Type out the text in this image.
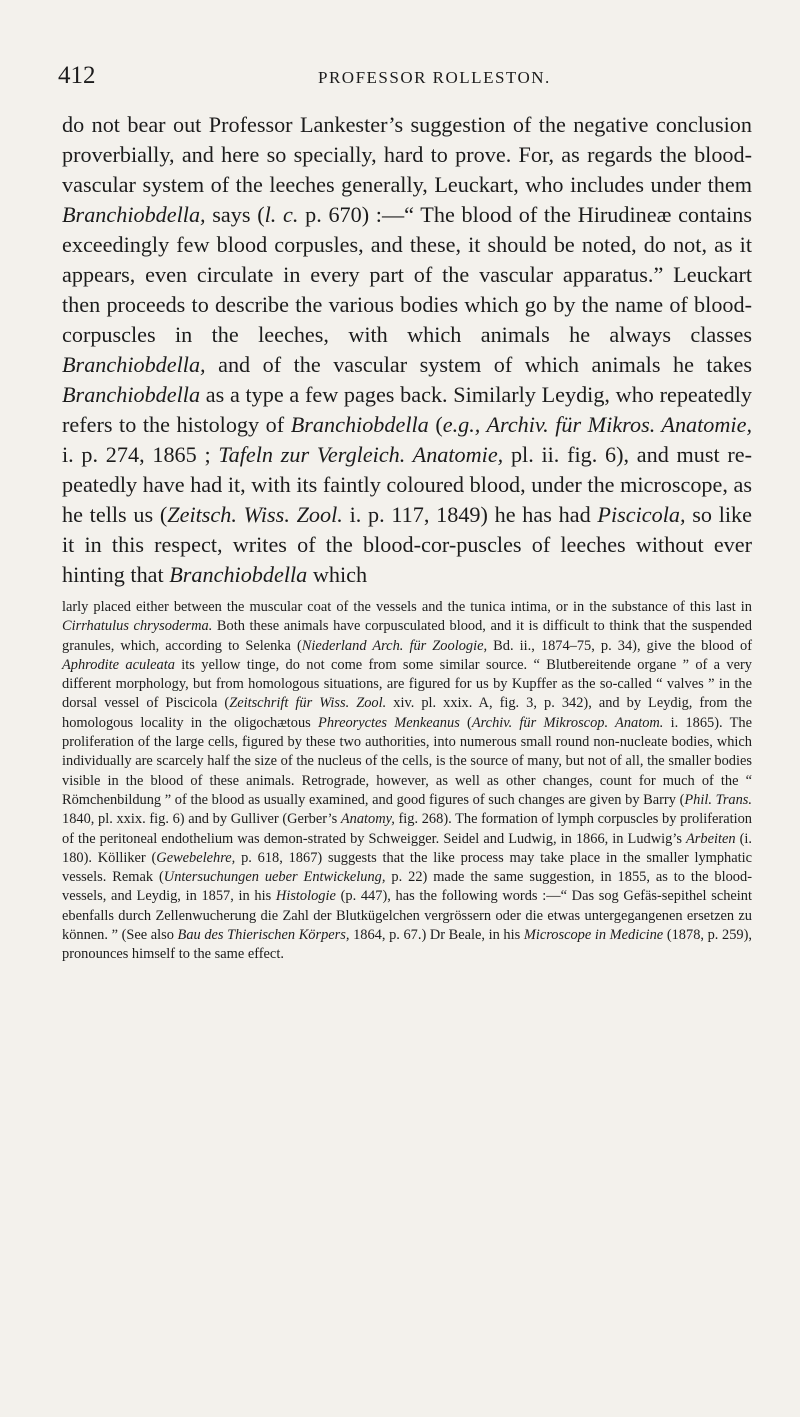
412	PROFESSOR ROLLESTON.

do not bear out Professor Lankester’s suggestion of the negative conclusion proverbially, and here so specially, hard to prove. For, as regards the blood-vascular system of the leeches generally, Leuckart, who includes under them Branchiobdella, says (l. c. p. 670) :—“ The blood of the Hirudineæ contains exceedingly few blood corpusles, and these, it should be noted, do not, as it appears, even circulate in every part of the vascular apparatus.” Leuckart then proceeds to describe the various bodies which go by the name of blood-corpuscles in the leeches, with which animals he always classes Branchiobdella, and of the vascular system of which animals he takes Branchiobdella as a type a few pages back. Similarly Leydig, who repeatedly refers to the histology of Branchiobdella (e.g., Archiv. für Mikros. Anatomie, i. p. 274, 1865 ; Tafeln zur Vergleich. Anatomie, pl. ii. fig. 6), and must re-peatedly have had it, with its faintly coloured blood, under the microscope, as he tells us (Zeitsch. Wiss. Zool. i. p. 117, 1849) he has had Piscicola, so like it in this respect, writes of the blood-cor-puscles of leeches without ever hinting that Branchiobdella which

larly placed either between the muscular coat of the vessels and the tunica intima, or in the substance of this last in Cirrhatulus chrysoderma. Both these animals have corpusculated blood, and it is difficult to think that the suspended granules, which, according to Selenka (Niederland Arch. für Zoologie, Bd. ii., 1874–75, p. 34), give the blood of Aphrodite aculeata its yellow tinge, do not come from some similar source. “ Blutbereitende organe ” of a very different morphology, but from homologous situations, are figured for us by Kupffer as the so-called “ valves ” in the dorsal vessel of Piscicola (Zeitschrift für Wiss. Zool. xiv. pl. xxix. A, fig. 3, p. 342), and by Leydig, from the homologous locality in the oligochætous Phreoryctes Menkeanus (Archiv. für Mikroscop. Anatom. i. 1865). The proliferation of the large cells, figured by these two authorities, into numerous small round non-nucleate bodies, which individually are scarcely half the size of the nucleus of the cells, is the source of many, but not of all, the smaller bodies visible in the blood of these animals. Retrograde, however, as well as other changes, count for much of the “ Römchenbildung ” of the blood as usually examined, and good figures of such changes are given by Barry (Phil. Trans. 1840, pl. xxix. fig. 6) and by Gulliver (Gerber’s Anatomy, fig. 268). The formation of lymph corpuscles by proliferation of the peritoneal endothelium was demon-strated by Schweigger. Seidel and Ludwig, in 1866, in Ludwig’s Arbeiten (i. 180). Kölliker (Gewebelehre, p. 618, 1867) suggests that the like process may take place in the smaller lymphatic vessels. Remak (Untersuchungen ueber Entwickelung, p. 22) made the same suggestion, in 1855, as to the blood-vessels, and Leydig, in 1857, in his Histologie (p. 447), has the following words :—“ Das sog Gefäs-sepithel scheint ebenfalls durch Zellenwucherung die Zahl der Blutkügelchen vergrössern oder die etwas untergegangenen ersetzen zu können. ” (See also Bau des Thierischen Körpers, 1864, p. 67.) Dr Beale, in his Microscope in Medicine (1878, p. 259), pronounces himself to the same effect.
